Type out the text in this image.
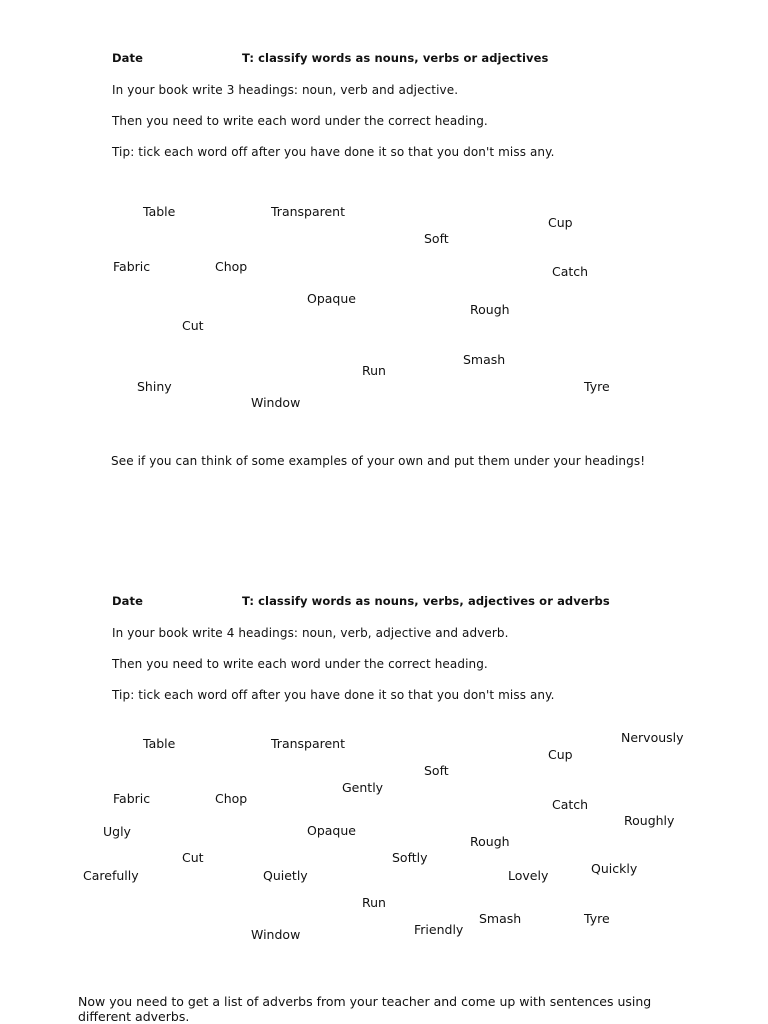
Date	T: classify words as nouns, verbs or adjectives
In your book write 3 headings: noun, verb and adjective.
Then you need to write each word under the correct heading.
Tip: tick each word off after you have done it so that you don't miss any.
Table	Transparent
Cup
Soft
Fabric	Chop	Catch
Opaque
Rough
Cut
Smash
Run
Shiny	Tyre
Window
See if you can think of some examples of your own and put them under your headings!
Date	T: classify words as nouns, verbs, adjectives or adverbs
In your book write 4 headings: noun, verb, adjective and adverb.
Then you need to write each word under the correct heading.
Tip: tick each word off after you have done it so that you don't miss any.
Nervously
Table	Transparent
Cup
Soft
Gently
Fabric	Chop	Catch
Roughly
Ugly	Opaque
Rough
Cut	Softly
Quickly
Carefully	Quietly	Lovely
Run
Smash	Tyre
Friendly
Window
Now you need to get a list of adverbs from your teacher and come up with sentences using different adverbs.
